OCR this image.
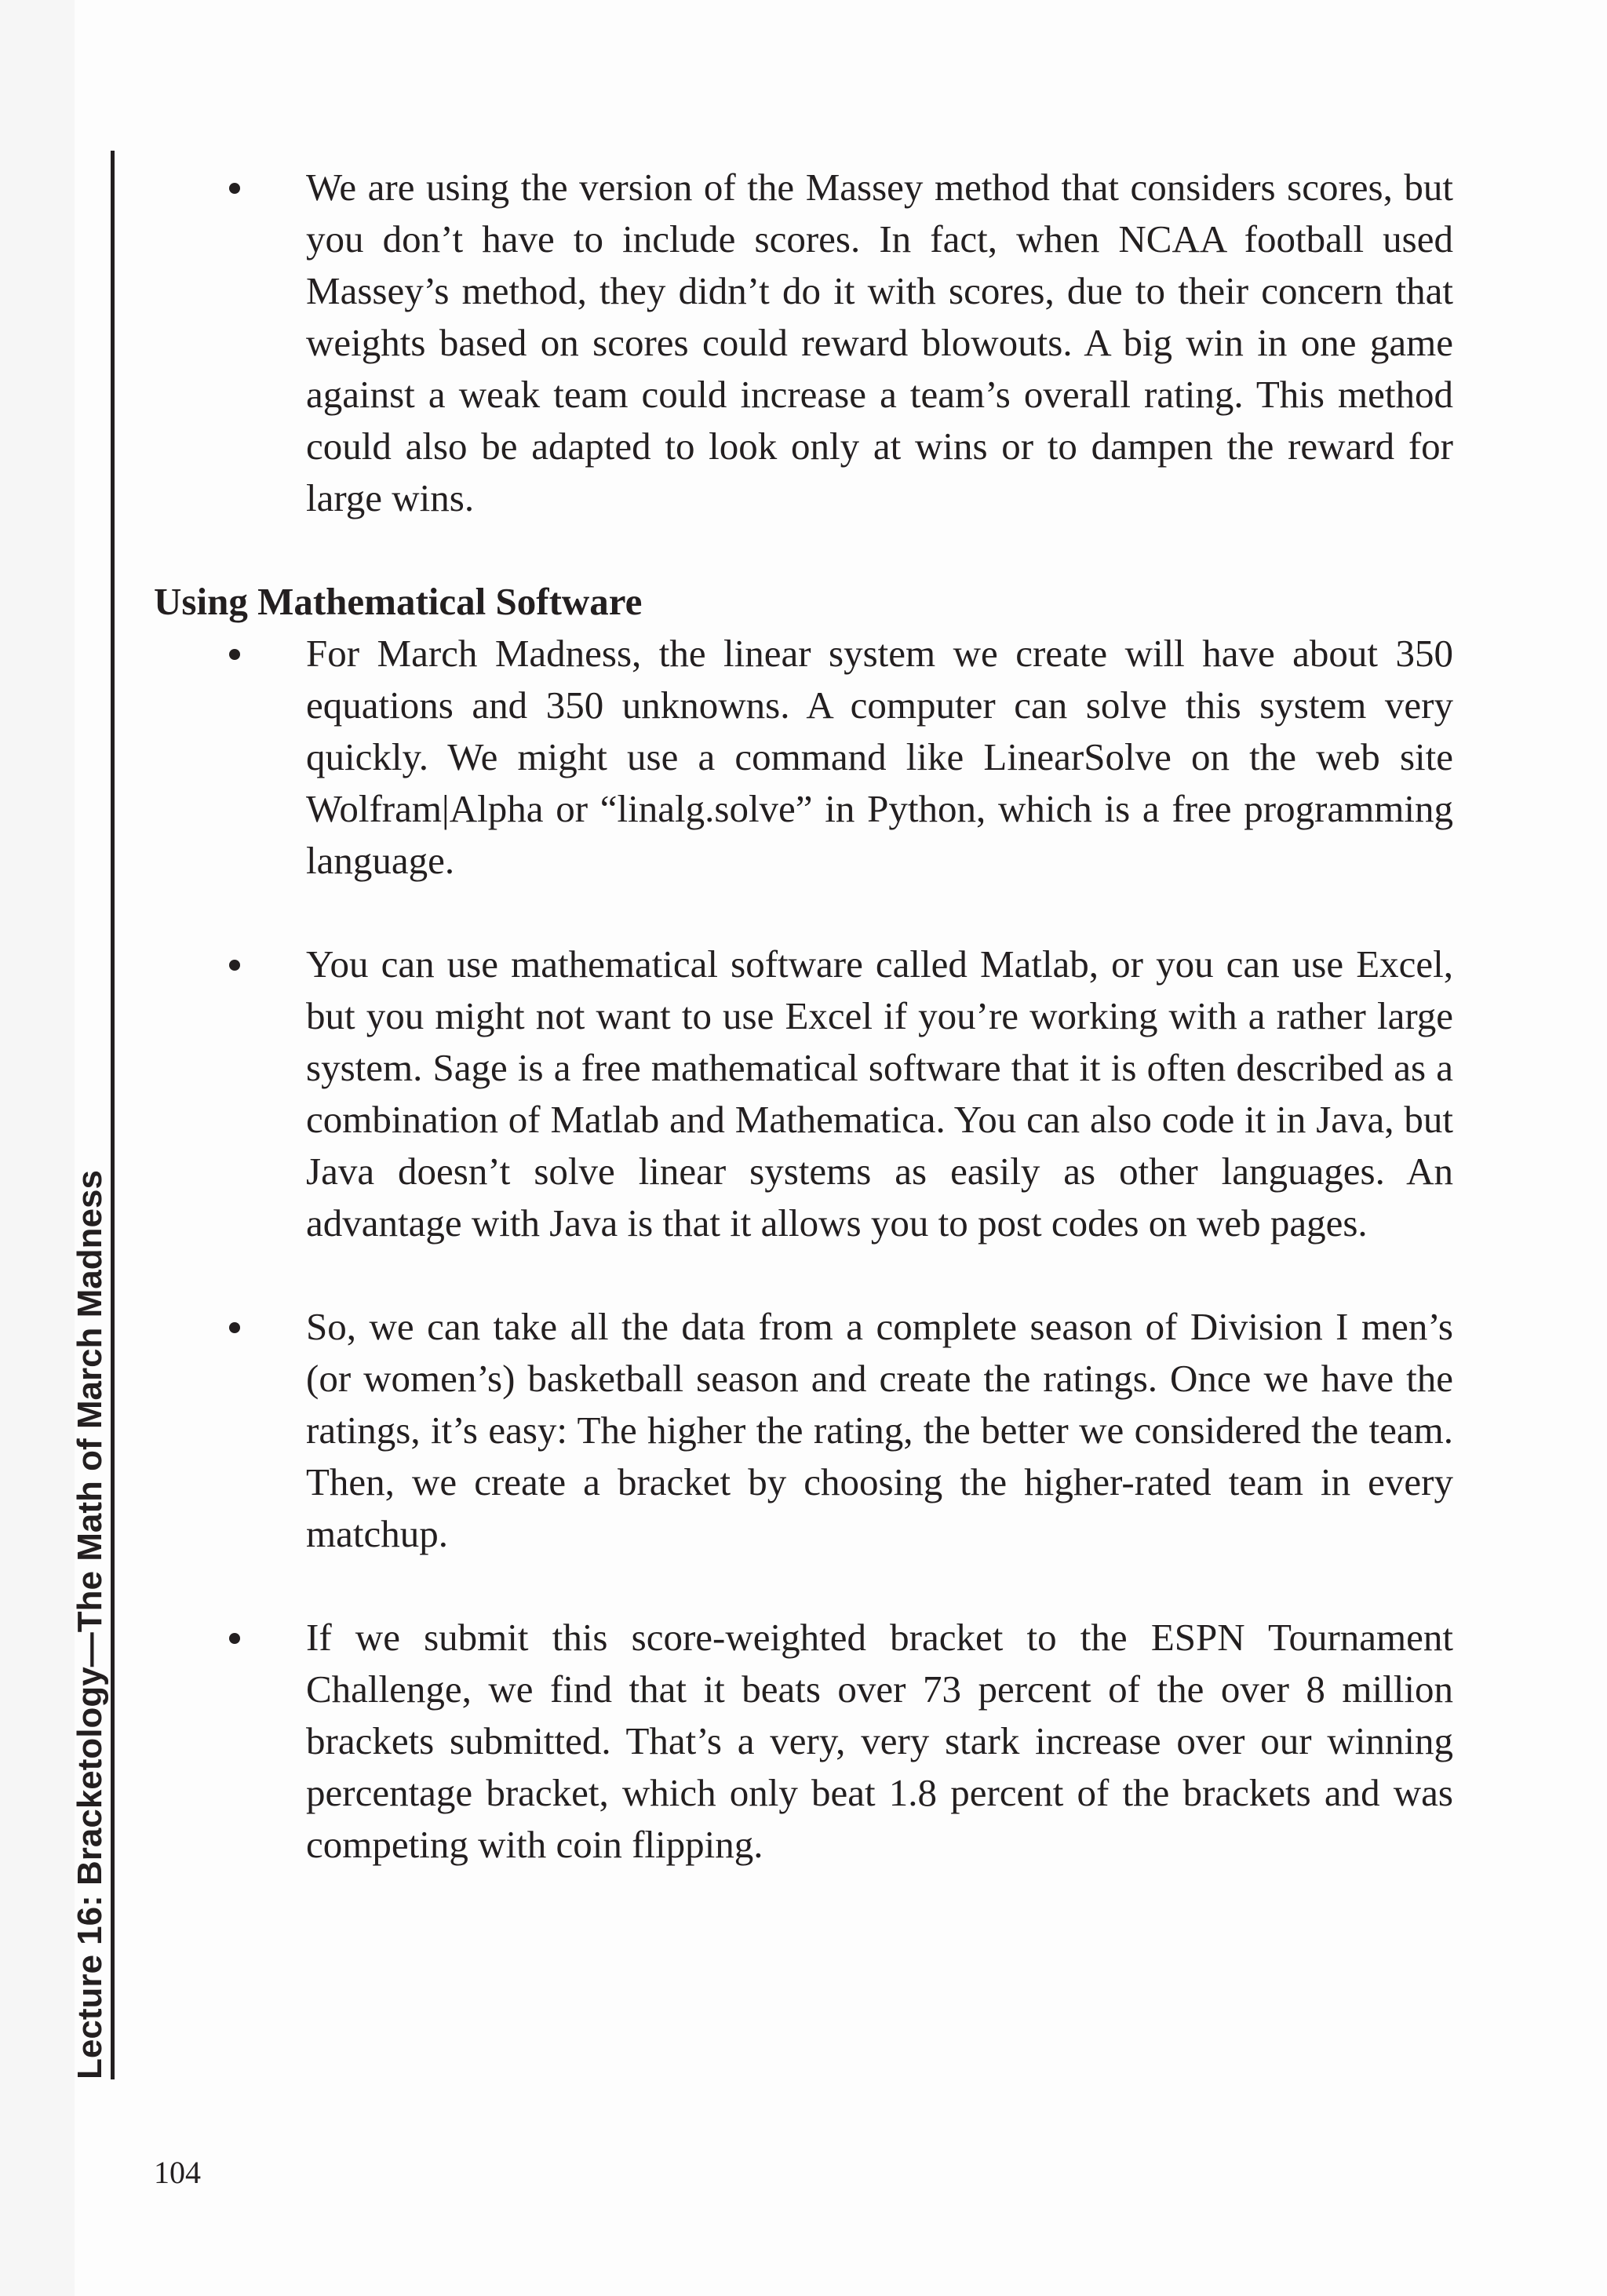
Lecture 16: Bracketology—The Math of March Madness

We are using the version of the Massey method that considers scores, but you don’t have to include scores. In fact, when NCAA football used Massey’s method, they didn’t do it with scores, due to their concern that weights based on scores could reward blowouts. A big win in one game against a weak team could increase a team’s overall rating. This method could also be adapted to look only at wins or to dampen the reward for large wins.

Using Mathematical Software

For March Madness, the linear system we create will have about 350 equations and 350 unknowns. A computer can solve this system very quickly. We might use a command like LinearSolve on the web site Wolfram|Alpha or “linalg.solve” in Python, which is a free programming language.

You can use mathematical software called Matlab, or you can use Excel, but you might not want to use Excel if you’re working with a rather large system. Sage is a free mathematical software that it is often described as a combination of Matlab and Mathematica. You can also code it in Java, but Java doesn’t solve linear systems as easily as other languages. An advantage with Java is that it allows you to post codes on web pages.

So, we can take all the data from a complete season of Division I men’s (or women’s) basketball season and create the ratings. Once we have the ratings, it’s easy: The higher the rating, the better we considered the team. Then, we create a bracket by choosing the higher-rated team in every matchup.

If we submit this score-weighted bracket to the ESPN Tournament Challenge, we find that it beats over 73 percent of the over 8 million brackets submitted. That’s a very, very stark increase over our winning percentage bracket, which only beat 1.8 percent of the brackets and was competing with coin flipping.

104
